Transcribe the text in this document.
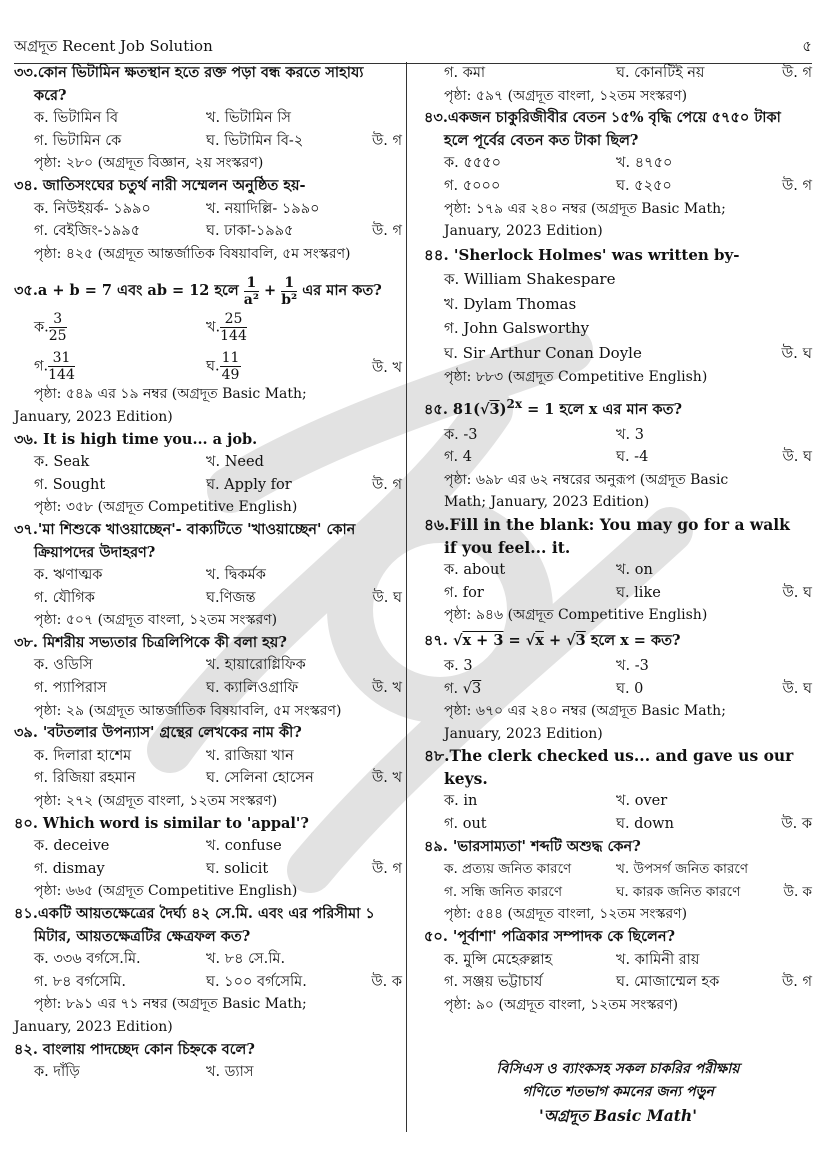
অগ্রদূত Recent Job Solution	৫
৩৩.কোন ভিটামিন ক্ষতস্থান হতে রক্ত পড়া বন্ধ করতে সাহায্য
করে?
ক. ভিটামিন বি	খ. ভিটামিন সি
গ. ভিটামিন কে	ঘ. ভিটামিন বি-২	উ. গ
পৃষ্ঠা: ২৮০ (অগ্রদূত বিজ্ঞান, ২য় সংস্করণ)
৩৪. জাতিসংঘের চতুর্থ নারী সম্মেলন অনুষ্ঠিত হয়-
ক. নিউইয়র্ক- ১৯৯০	খ. নয়াদিল্লি- ১৯৯০
গ. বেইজিং-১৯৯৫	ঘ. ঢাকা-১৯৯৫	উ. গ
পৃষ্ঠা: ৪২৫ (অগ্রদূত আন্তর্জাতিক বিষয়াবলি, ৫ম সংস্করণ)
৩৫.a + b = 7 এবং ab = 12 হলে $\frac{1}{\text{a²}} + \frac{1}{\text{b²}}$ এর মান কত?
ক. $\frac{3}{25}$	খ. $\frac{25}{144}$
গ. $\frac{31}{144}$	ঘ. $\frac{11}{49}$	উ. খ
পৃষ্ঠা: ৫৪৯ এর ১৯ নম্বর (অগ্রদূত Basic Math;
January, 2023 Edition)
৩৬. It is high time you... a job.
ক. Seak	খ. Need
গ. Sought	ঘ. Apply for	উ. গ
পৃষ্ঠা: ৩৫৮ (অগ্রদূত Competitive English)
৩৭.'মা শিশুকে খাওয়াচ্ছেন'- বাক্যটিতে 'খাওয়াচ্ছেন' কোন
ক্রিয়াপদের উদাহরণ?
ক. ঋণাত্মক	খ. দ্বিকর্মক
গ. যৌগিক	ঘ.ণিজন্ত	উ. ঘ
পৃষ্ঠা: ৫০৭ (অগ্রদূত বাংলা, ১২তম সংস্করণ)
৩৮. মিশরীয় সভ্যতার চিত্রলিপিকে কী বলা হয়?
ক. ওডিসি	খ. হায়ারোগ্লিফিক
গ. প্যাপিরাস	ঘ. ক্যালিওগ্রাফি	উ. খ
পৃষ্ঠা: ২৯ (অগ্রদূত আন্তর্জাতিক বিষয়াবলি, ৫ম সংস্করণ)
৩৯. 'বটতলার উপন্যাস' গ্রন্থের লেখকের নাম কী?
ক. দিলারা হাশেম	খ. রাজিয়া খান
গ. রিজিয়া রহমান	ঘ. সেলিনা হোসেন	উ. খ
পৃষ্ঠা: ২৭২ (অগ্রদূত বাংলা, ১২তম সংস্করণ)
৪০. Which word is similar to 'appal'?
ক. deceive	খ. confuse
গ. dismay	ঘ. solicit	উ. গ
পৃষ্ঠা: ৬৬৫ (অগ্রদূত Competitive English)
৪১.একটি আয়তক্ষেত্রের দৈর্ঘ্য ৪২ সে.মি. এবং এর পরিসীমা ১
মিটার, আয়তক্ষেত্রটির ক্ষেত্রফল কত?
ক. ৩৩৬ বর্গসে.মি.	খ. ৮৪ সে.মি.
গ. ৮৪ বর্গসেমি.	ঘ. ১০০ বর্গসেমি.	উ. ক
পৃষ্ঠা: ৮৯১ এর ৭১ নম্বর (অগ্রদূত Basic Math;
January, 2023 Edition)
৪২. বাংলায় পাদচ্ছেদ কোন চিহ্নকে বলে?
ক. দাঁড়ি	খ. ড্যাস
গ. কমা	ঘ. কোনটিই নয়	উ. গ
পৃষ্ঠা: ৫৯৭ (অগ্রদূত বাংলা, ১২তম সংস্করণ)
৪৩.একজন চাকুরিজীবীর বেতন ১৫% বৃদ্ধি পেয়ে ৫৭৫০ টাকা
হলে পূর্বের বেতন কত টাকা ছিল?
ক. ৫৫৫০	খ. ৪৭৫০
গ. ৫০০০	ঘ. ৫২৫০	উ. গ
পৃষ্ঠা: ১৭৯ এর ২৪০ নম্বর (অগ্রদূত Basic Math;
January, 2023 Edition)
৪৪. 'Sherlock Holmes' was written by-
ক. William Shakespare
খ. Dylam Thomas
গ. John Galsworthy
ঘ. Sir Arthur Conan Doyle	উ. ঘ
পৃষ্ঠা: ৮৮৩ (অগ্রদূত Competitive English)
৪৫. $81(√3)^{2x} = 1$ হলে x এর মান কত?
ক. -3	খ. 3
গ. 4	ঘ. -4	উ. ঘ
পৃষ্ঠা: ৬৯৮ এর ৬২ নম্বরের অনুরূপ (অগ্রদূত Basic
Math; January, 2023 Edition)
৪৬.Fill in the blank: You may go for a walk
if you feel... it.
ক. about	খ. on
গ. for	ঘ. like	উ. ঘ
পৃষ্ঠা: ৯৪৬ (অগ্রদূত Competitive English)
৪৭. √x + 3 = √x + √3 হলে x = কত?
ক. 3	খ. -3
গ. √3	ঘ. 0	উ. ঘ
পৃষ্ঠা: ৬৭০ এর ২৪০ নম্বর (অগ্রদূত Basic Math;
January, 2023 Edition)
৪৮.The clerk checked us... and gave us our
keys.
ক. in	খ. over
গ. out	ঘ. down	উ. ক
৪৯. 'ভারসাম্যতা' শব্দটি অশুদ্ধ কেন?
ক. প্রত্যয় জনিত কারণে	খ. উপসর্গ জনিত কারণে
গ. সন্ধি জনিত কারণে	ঘ. কারক জনিত কারণে	উ. ক
পৃষ্ঠা: ৫৪৪ (অগ্রদূত বাংলা, ১২তম সংস্করণ)
৫০. 'পূর্বাশা' পত্রিকার সম্পাদক কে ছিলেন?
ক. মুন্সি মেহেরুল্লাহ	খ. কামিনী রায়
গ. সঞ্জয় ভট্টাচার্য	ঘ. মোজাম্মেল হক	উ. গ
পৃষ্ঠা: ৯০ (অগ্রদূত বাংলা, ১২তম সংস্করণ)
বিসিএস ও ব্যাংকসহ সকল চাকরির পরীক্ষায়
গণিতে শতভাগ কমনের জন্য পড়ুন
'অগ্রদূত Basic Math'
